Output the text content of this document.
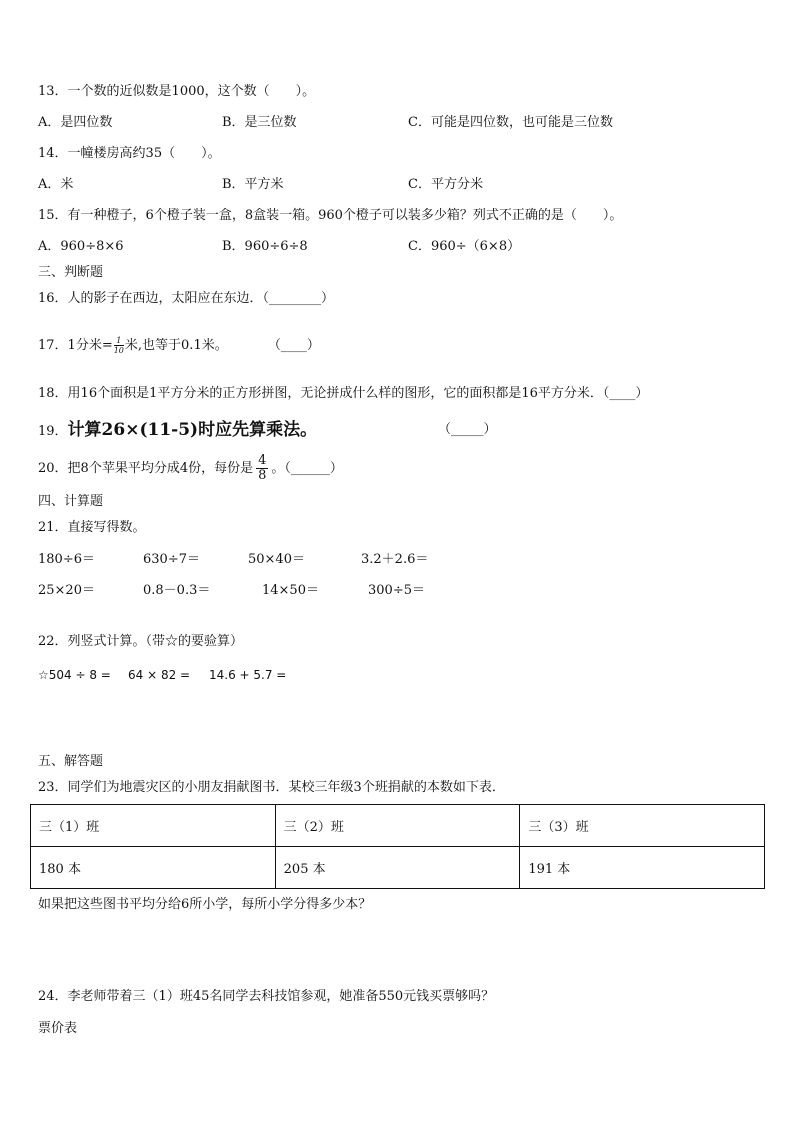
13．一个数的近似数是1000，这个数（　　）。
A．是四位数	B．是三位数	C．可能是四位数，也可能是三位数
14．一幢楼房高约35（　　）。
A．米	B．平方米	C．平方分米
15．有一种橙子，6个橙子装一盒，8盒装一箱。960个橙子可以装多少箱？列式不正确的是（　　）。
A．960÷8×6	B．960÷6÷8	C．960÷（6×8）
三、判断题
16．人的影子在西边，太阳应在东边．（________）
17．1分米= $\frac{1}{10}$ 米,也等于0.1米。	（____）
18．用16个面积是1平方分米的正方形拼图，无论拼成什么样的图形，它的面积都是16平方分米．（____）
19．计算26×(11-5)时应先算乘法。	（_____）
20．把8个苹果平均分成4份，每份是 $\frac{4}{8}$ 。（______）
四、计算题
21．直接写得数。
180÷6＝	630÷7＝	50×40＝	3.2＋2.6＝
25×20＝	0.8－0.3＝	14×50＝	300÷5＝
22．列竖式计算。（带☆的要验算）
☆504 ÷ 8 = 64 × 82 = 14.6 + 5.7 =
五、解答题
23．同学们为地震灾区的小朋友捐献图书．某校三年级3个班捐献的本数如下表．
三（1）班	三（2）班	三（3）班
180 本	205 本	191 本
如果把这些图书平均分给6所小学，每所小学分得多少本？
24．李老师带着三（1）班45名同学去科技馆参观，她准备550元钱买票够吗？
票价表
